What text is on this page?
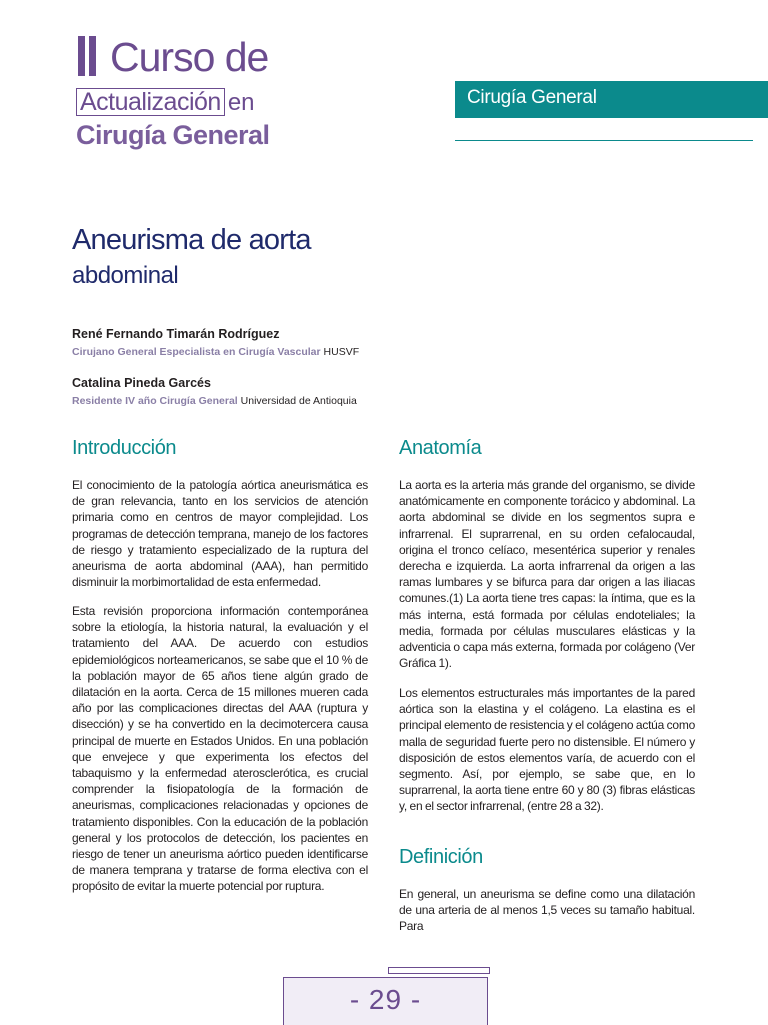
Curso de
Actualización en
Cirugía General
Cirugía General
Aneurisma de aorta
abdominal
René Fernando Timarán Rodríguez
Cirujano General Especialista en Cirugía Vascular HUSVF
Catalina Pineda Garcés
Residente IV año Cirugía General Universidad de Antioquia
Introducción

El conocimiento de la patología aórtica aneurismática es de gran relevancia, tanto en los servicios de atención primaria como en centros de mayor complejidad. Los programas de detección temprana, manejo de los factores de riesgo y tratamiento especializado de la ruptura del aneurisma de aorta abdominal (AAA), han permitido disminuir la morbimortalidad de esta enfermedad.

Esta revisión proporciona información contemporánea sobre la etiología, la historia natural, la evaluación y el tratamiento del AAA. De acuerdo con estudios epidemiológicos norteamericanos, se sabe que el 10 % de la población mayor de 65 años tiene algún grado de dilatación en la aorta. Cerca de 15 millones mueren cada año por las complicaciones directas del AAA (ruptura y disección) y se ha convertido en la decimotercera causa principal de muerte en Estados Unidos. En una población que envejece y que experimenta los efectos del tabaquismo y la enfermedad aterosclerótica, es crucial comprender la fisiopatología de la formación de aneurismas, complicaciones relacionadas y opciones de tratamiento disponibles. Con la educación de la población general y los protocolos de detección, los pacientes en riesgo de tener un aneurisma aórtico pueden identificarse de manera temprana y tratarse de forma electiva con el propósito de evitar la muerte potencial por ruptura.

Anatomía

La aorta es la arteria más grande del organismo, se divide anatómicamente en componente torácico y abdominal. La aorta abdominal se divide en los segmentos supra e infrarrenal. El suprarrenal, en su orden cefalocaudal, origina el tronco celíaco, mesentérica superior y renales derecha e izquierda. La aorta infrarrenal da origen a las ramas lumbares y se bifurca para dar origen a las iliacas comunes.(1) La aorta tiene tres capas: la íntima, que es la más interna, está formada por células endoteliales; la media, formada por células musculares elásticas y la adventicia o capa más externa, formada por colágeno (Ver Gráfica 1).

Los elementos estructurales más importantes de la pared aórtica son la elastina y el colágeno. La elastina es el principal elemento de resistencia y el colágeno actúa como malla de seguridad fuerte pero no distensible. El número y disposición de estos elementos varía, de acuerdo con el segmento. Así, por ejemplo, se sabe que, en lo suprarrenal, la aorta tiene entre 60 y 80 (3) fibras elásticas y, en el sector infrarrenal, (entre 28 a 32).

Definición

En general, un aneurisma se define como una dilatación de una arteria de al menos 1,5 veces su tamaño habitual. Para

- 29 -
